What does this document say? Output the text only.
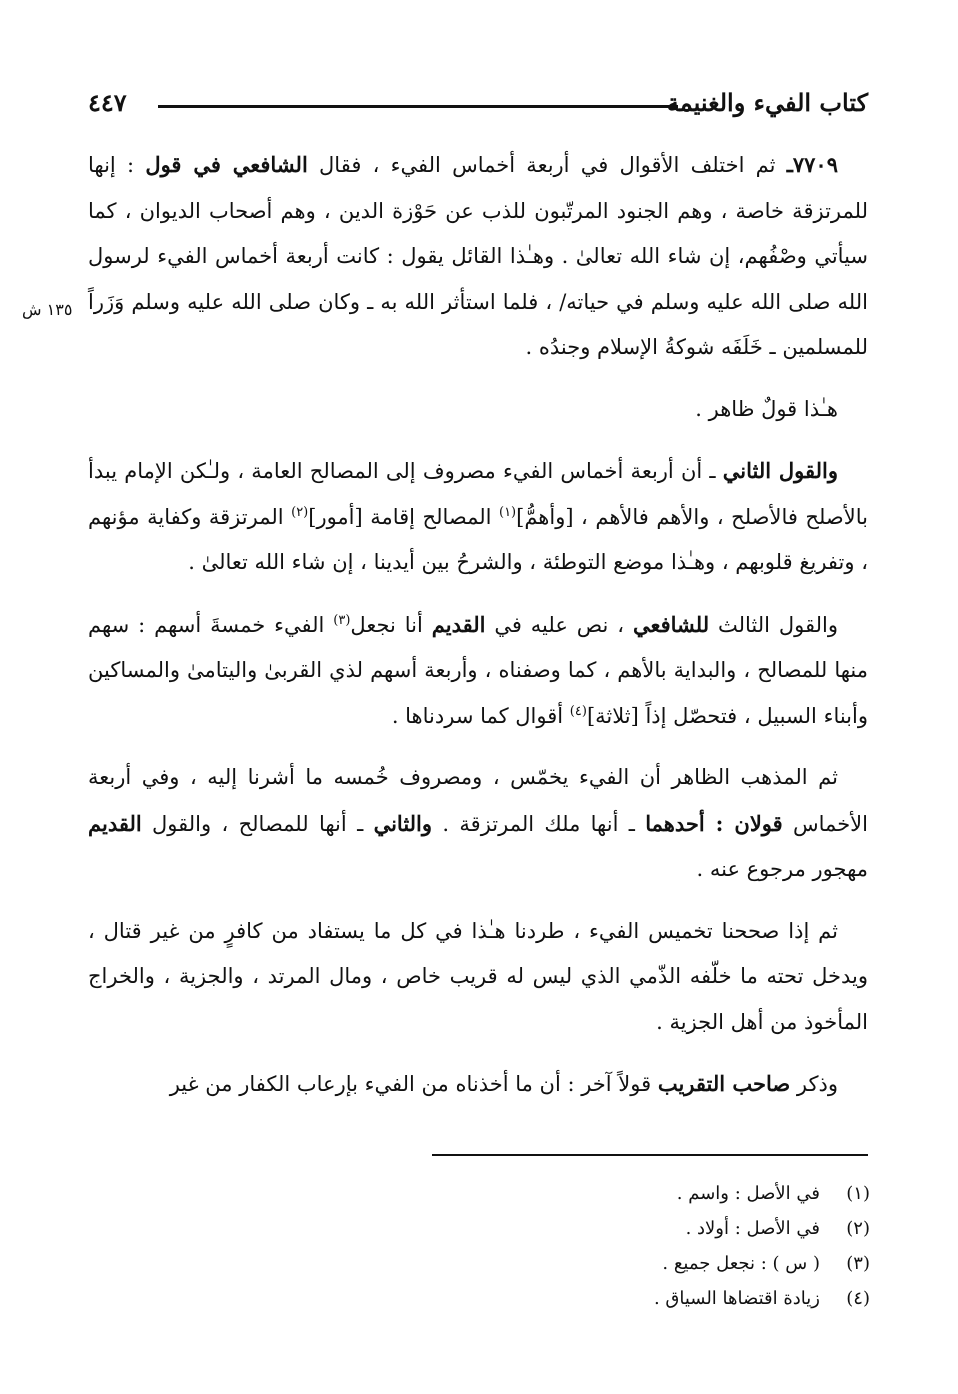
كتاب الفيء والغنيمة
٤٤٧
١٣٥ ش

٧٧٠٩ـ ثم اختلف الأقوال في أربعة أخماس الفيء ، فقال الشافعي في قول : إنها للمرتزقة خاصة ، وهم الجنود المرتّبون للذب عن حَوْزة الدين ، وهم أصحاب الديوان ، كما سيأتي وصْفُهم، إن شاء الله تعالىٰ . وهـٰذا القائل يقول : كانت أربعة أخماس الفيء لرسول الله صلى الله عليه وسلم في حياته/ ، فلما استأثر الله به ـ وكان صلى الله عليه وسلم وَزَراً للمسلمين ـ خَلَفَه شوكةُ الإسلام وجندُه .

هـٰذا قولٌ ظاهر .

والقول الثاني ـ أن أربعة أخماس الفيء مصروف إلى المصالح العامة ، ولـٰكن الإمام يبدأ بالأصلح فالأصلح ، والأهم فالأهم ، [وأهمُّ]$^{(١)}$ المصالح إقامة [أمور]$^{(٢)}$ المرتزقة وكفاية مؤنهم ، وتفريغ قلوبهم ، وهـٰذا موضع التوطئة ، والشرحُ بين أيدينا ، إن شاء الله تعالىٰ .

والقول الثالث للشافعي ، نص عليه في القديم أنا نجعل$^{(٣)}$ الفيء خمسةَ أسهم : سهم منها للمصالح ، والبداية بالأهم ، كما وصفناه ، وأربعة أسهم لذي القربىٰ واليتامىٰ والمساكين وأبناء السبيل ، فتحصّل إذاً [ثلاثة]$^{(٤)}$ أقوال كما سردناها .

ثم المذهب الظاهر أن الفيء يخمّس ، ومصروف خُمسه ما أشرنا إليه ، وفي أربعة الأخماس قولان : أحدهما ـ أنها ملك المرتزقة . والثاني ـ أنها للمصالح ، والقول القديم مهجور مرجوع عنه .

ثم إذا صححنا تخميس الفيء ، طردنا هـٰذا في كل ما يستفاد من كافرٍ من غير قتال ، ويدخل تحته ما خلّفه الذّمي الذي ليس له قريب خاص ، ومال المرتد ، والجزية ، والخراج المأخوذ من أهل الجزية .

وذكر صاحب التقريب قولاً آخر : أن ما أخذناه من الفيء بإرعاب الكفار من غير

(١)
في الأصل : واسم .
(٢)
في الأصل : أولاد .
(٣)
( س ) : نجعل جميع .
(٤)
زيادة اقتضاها السياق .
